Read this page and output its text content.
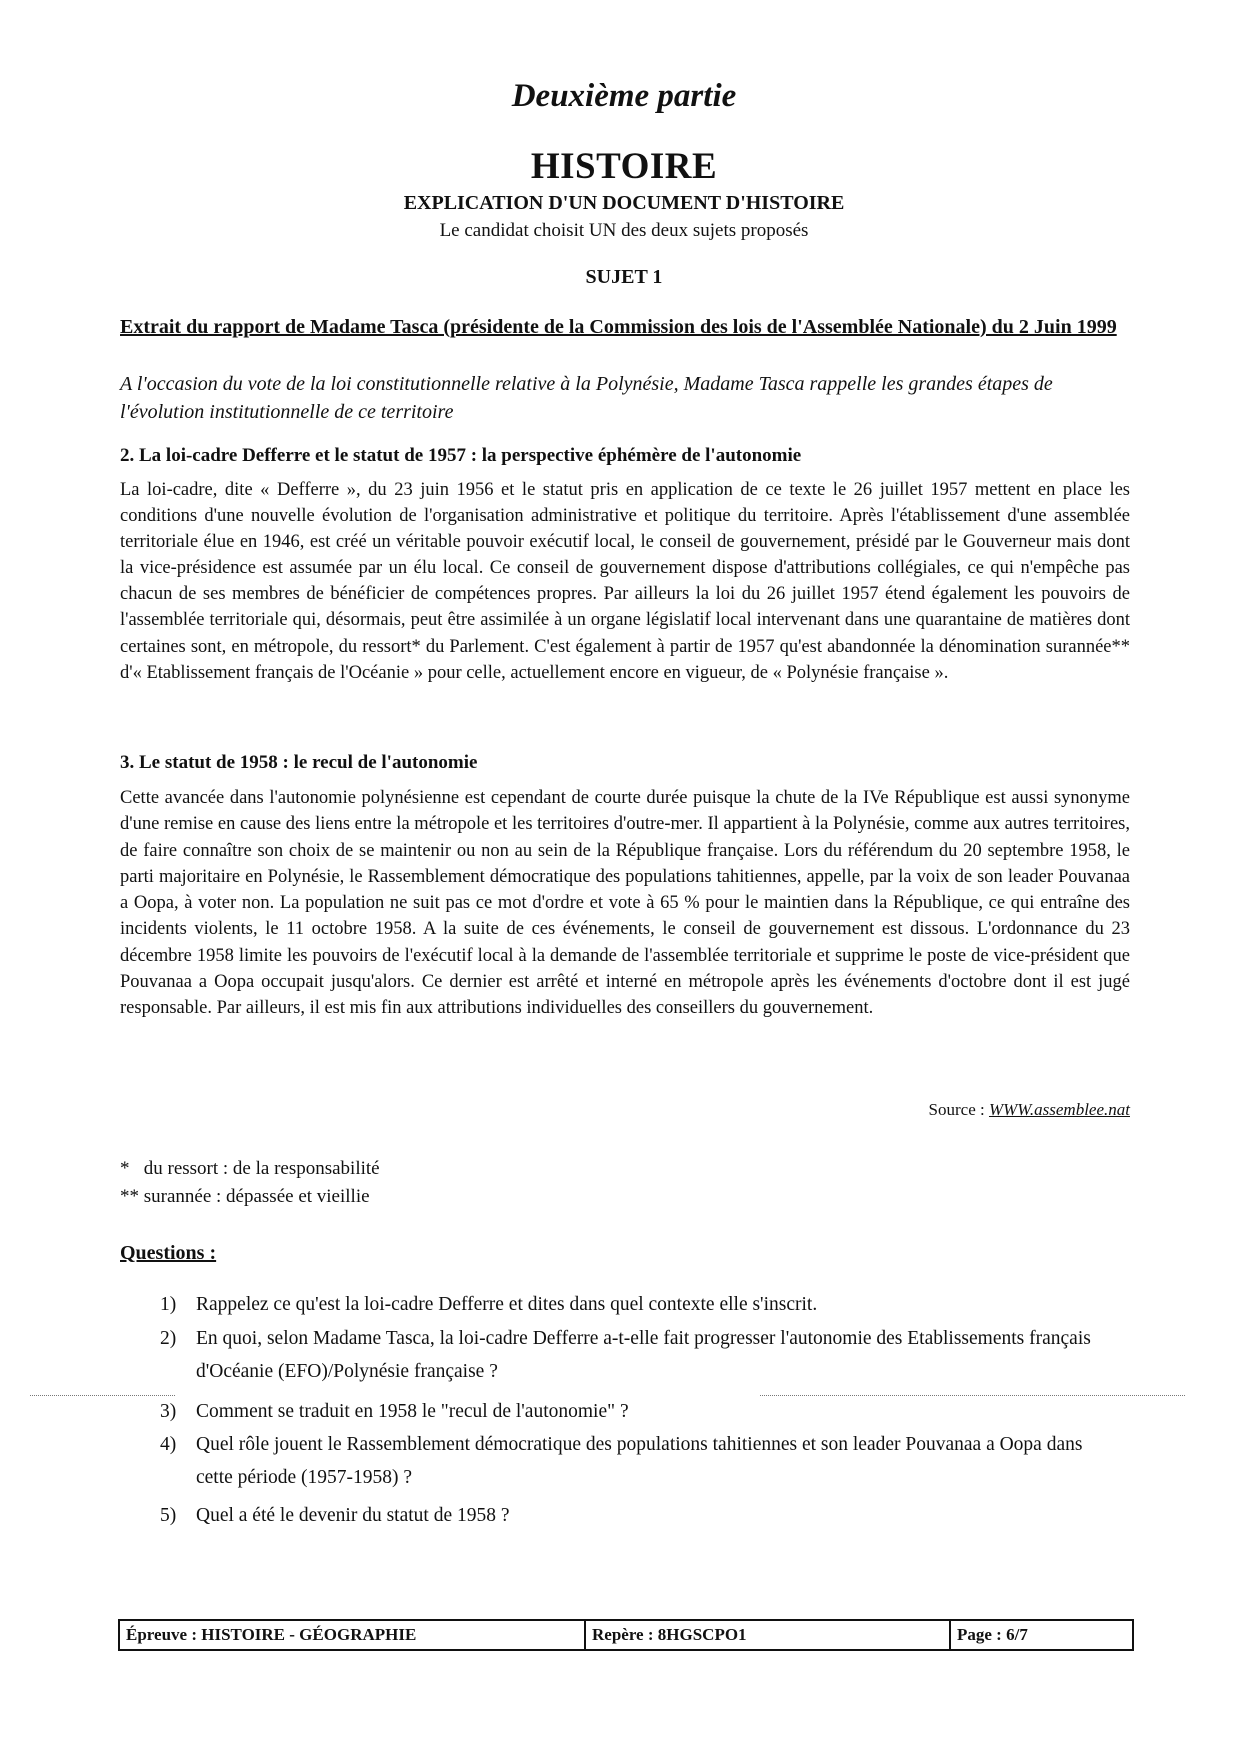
Deuxième partie
HISTOIRE
EXPLICATION D'UN DOCUMENT D'HISTOIRE
Le candidat choisit UN des deux sujets proposés
SUJET 1
Extrait du rapport de Madame Tasca (présidente de la Commission des lois de l'Assemblée Nationale) du 2 Juin 1999
A l'occasion du vote de la loi constitutionnelle relative à la Polynésie, Madame Tasca rappelle les grandes étapes de l'évolution institutionnelle de ce territoire
2. La loi-cadre Defferre et le statut de 1957 : la perspective éphémère de l'autonomie
La loi-cadre, dite « Defferre », du 23 juin 1956 et le statut pris en application de ce texte le 26 juillet 1957 mettent en place les conditions d'une nouvelle évolution de l'organisation administrative et politique du territoire. Après l'établissement d'une assemblée territoriale élue en 1946, est créé un véritable pouvoir exécutif local, le conseil de gouvernement, présidé par le Gouverneur mais dont la vice-présidence est assumée par un élu local. Ce conseil de gouvernement dispose d'attributions collégiales, ce qui n'empêche pas chacun de ses membres de bénéficier de compétences propres. Par ailleurs la loi du 26 juillet 1957 étend également les pouvoirs de l'assemblée territoriale qui, désormais, peut être assimilée à un organe législatif local intervenant dans une quarantaine de matières dont certaines sont, en métropole, du ressort* du Parlement. C'est également à partir de 1957 qu'est abandonnée la dénomination surannée** d'« Etablissement français de l'Océanie » pour celle, actuellement encore en vigueur, de « Polynésie française ».
3. Le statut de 1958 : le recul de l'autonomie
Cette avancée dans l'autonomie polynésienne est cependant de courte durée puisque la chute de la IVe République est aussi synonyme d'une remise en cause des liens entre la métropole et les territoires d'outre-mer. Il appartient à la Polynésie, comme aux autres territoires, de faire connaître son choix de se maintenir ou non au sein de la République française. Lors du référendum du 20 septembre 1958, le parti majoritaire en Polynésie, le Rassemblement démocratique des populations tahitiennes, appelle, par la voix de son leader Pouvanaa a Oopa, à voter non. La population ne suit pas ce mot d'ordre et vote à 65 % pour le maintien dans la République, ce qui entraîne des incidents violents, le 11 octobre 1958. A la suite de ces événements, le conseil de gouvernement est dissous. L'ordonnance du 23 décembre 1958 limite les pouvoirs de l'exécutif local à la demande de l'assemblée territoriale et supprime le poste de vice-président que Pouvanaa a Oopa occupait jusqu'alors. Ce dernier est arrêté et interné en métropole après les événements d'octobre dont il est jugé responsable. Par ailleurs, il est mis fin aux attributions individuelles des conseillers du gouvernement.
Source : WWW.assemblee.nat
*   du ressort : de la responsabilité
** surannée : dépassée et vieillie
Questions :
1) Rappelez ce qu'est la loi-cadre Defferre et dites dans quel contexte elle s'inscrit.
2) En quoi, selon Madame Tasca, la loi-cadre Defferre a-t-elle fait progresser l'autonomie des Etablissements français d'Océanie (EFO)/Polynésie française ?
3) Comment se traduit en 1958 le "recul de l'autonomie" ?
4) Quel rôle jouent le Rassemblement démocratique des populations tahitiennes et son leader Pouvanaa a Oopa dans cette période (1957-1958) ?
5) Quel a été le devenir du statut de 1958 ?
Épreuve : HISTOIRE - GÉOGRAPHIE	Repère : 8HGSCPO1	Page : 6/7
